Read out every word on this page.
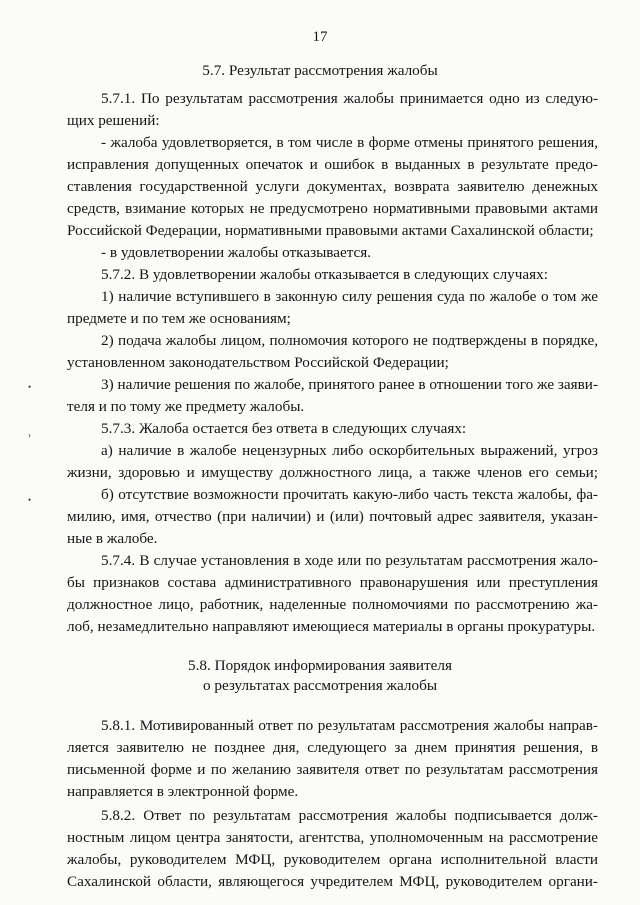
17
5.7. Результат рассмотрения жалобы
5.7.1. По результатам рассмотрения жалобы принимается одно из следую-
щих решений:
- жалоба удовлетворяется, в том числе в форме отмены принятого решения,
исправления допущенных опечаток и ошибок в выданных в результате предо-
ставления государственной услуги документах, возврата заявителю денежных
средств, взимание которых не предусмотрено нормативными правовыми актами
Российской Федерации, нормативными правовыми актами Сахалинской области;
- в удовлетворении жалобы отказывается.
5.7.2. В удовлетворении жалобы отказывается в следующих случаях:
1) наличие вступившего в законную силу решения суда по жалобе о том же
предмете и по тем же основаниям;
2) подача жалобы лицом, полномочия которого не подтверждены в порядке,
установленном законодательством Российской Федерации;
3) наличие решения по жалобе, принятого ранее в отношении того же заяви-
теля и по тому же предмету жалобы.
5.7.3. Жалоба остается без ответа в следующих случаях:
а) наличие в жалобе нецензурных либо оскорбительных выражений, угроз
жизни, здоровью и имуществу должностного лица, а также членов его семьи;
б) отсутствие возможности прочитать какую-либо часть текста жалобы, фа-
милию, имя, отчество (при наличии) и (или) почтовый адрес заявителя, указан-
ные в жалобе.
5.7.4. В случае установления в ходе или по результатам рассмотрения жало-
бы признаков состава административного правонарушения или преступления
должностное лицо, работник, наделенные полномочиями по рассмотрению жа-
лоб, незамедлительно направляют имеющиеся материалы в органы прокуратуры.
5.8. Порядок информирования заявителя
о результатах рассмотрения жалобы
5.8.1. Мотивированный ответ по результатам рассмотрения жалобы направ-
ляется заявителю не позднее дня, следующего за днем принятия решения, в
письменной форме и по желанию заявителя ответ по результатам рассмотрения
направляется в электронной форме.
5.8.2. Ответ по результатам рассмотрения жалобы подписывается долж-
ностным лицом центра занятости, агентства, уполномоченным на рассмотрение
жалобы, руководителем МФЦ, руководителем органа исполнительной власти
Сахалинской области, являющегося учредителем МФЦ, руководителем органи-
•
›
•
